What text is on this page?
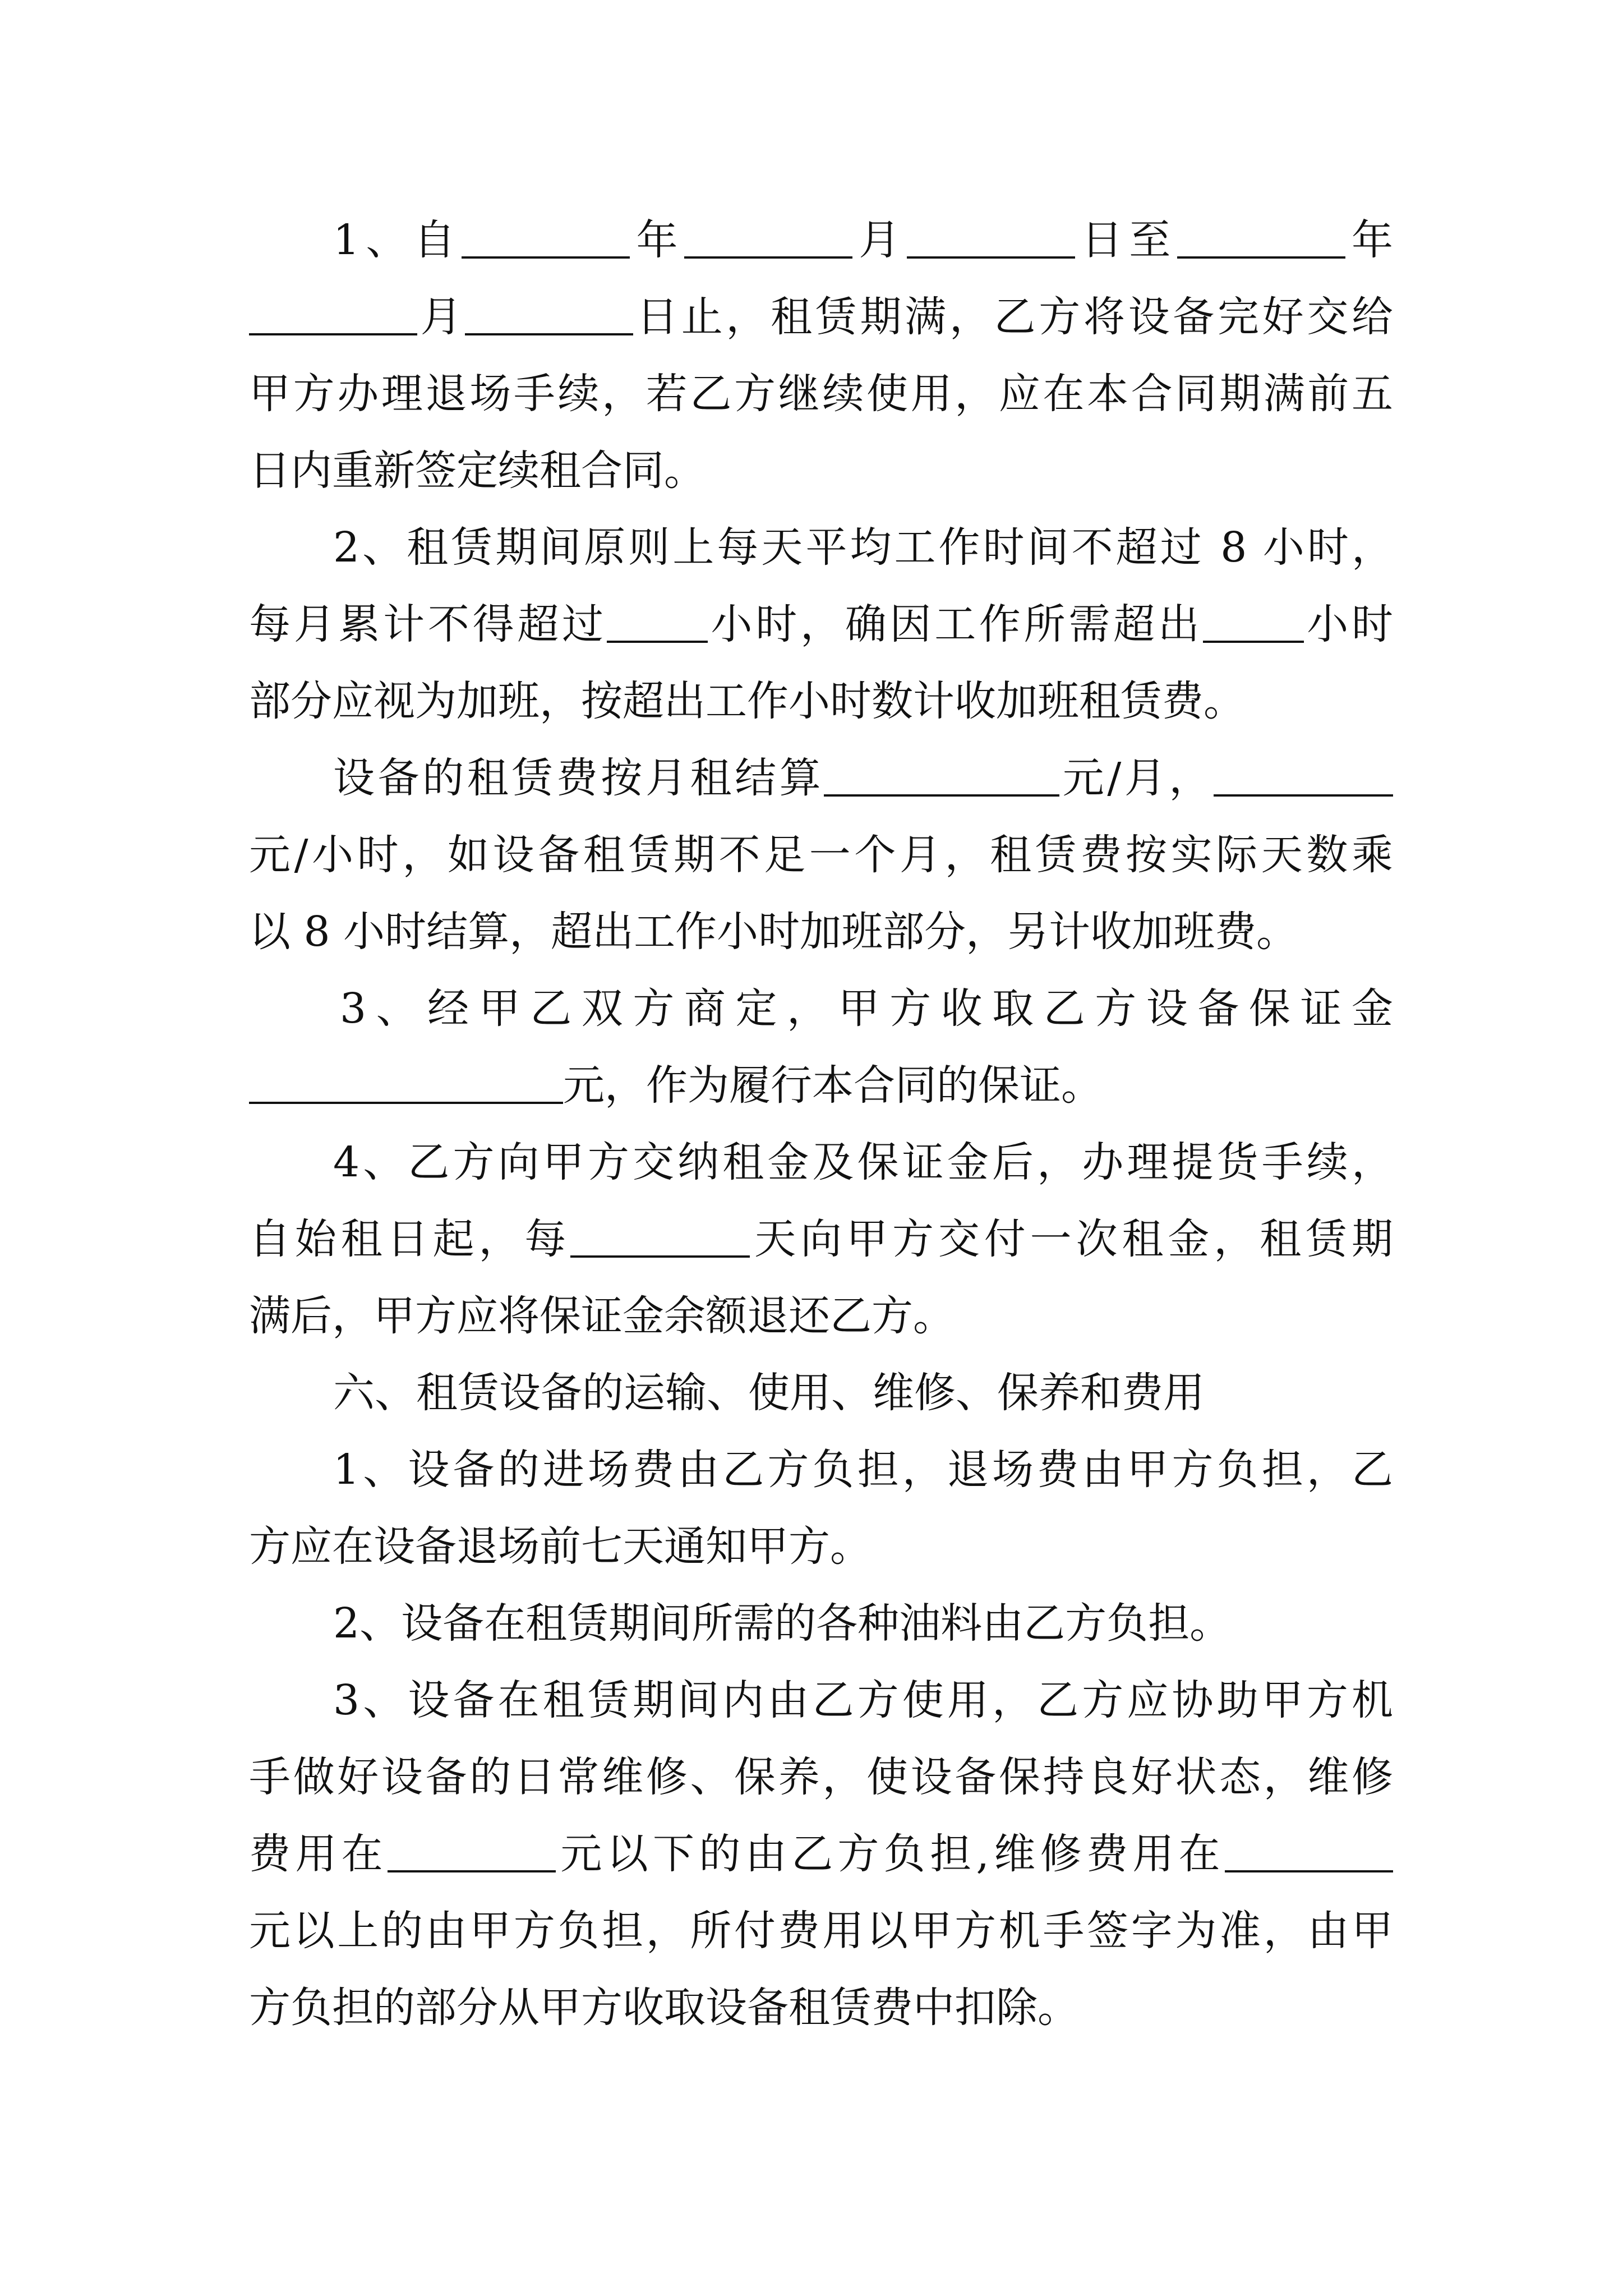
1、自	年	月	日至	年
月	日止，租赁期满，乙方将设备完好交给
甲方办理退场手续，若乙方继续使用，应在本合同期满前五
日内重新签定续租合同。
2、租赁期间原则上每天平均工作时间不超过 8 小时，
每月累计不得超过 小时，确因工作所需超出 小时
部分应视为加班，按超出工作小时数计收加班租赁费。
设备的租赁费按月租结算	元/月，
元/小时，如设备租赁期不足一个月，租赁费按实际天数乘
以 8 小时结算，超出工作小时加班部分，另计收加班费。
3、经甲乙双方商定，甲方收取乙方设备保证金
元，作为履行本合同的保证。
4、乙方向甲方交纳租金及保证金后，办理提货手续，
自始租日起，每	天向甲方交付一次租金，租赁期
满后，甲方应将保证金余额退还乙方。
六、租赁设备的运输、使用、维修、保养和费用
1、设备的进场费由乙方负担，退场费由甲方负担，乙
方应在设备退场前七天通知甲方。
2、设备在租赁期间所需的各种油料由乙方负担。
3、设备在租赁期间内由乙方使用，乙方应协助甲方机
手做好设备的日常维修、保养，使设备保持良好状态，维修
费用在	元以下的由乙方负担,维修费用在
元以上的由甲方负担，所付费用以甲方机手签字为准，由甲
方负担的部分从甲方收取设备租赁费中扣除。
